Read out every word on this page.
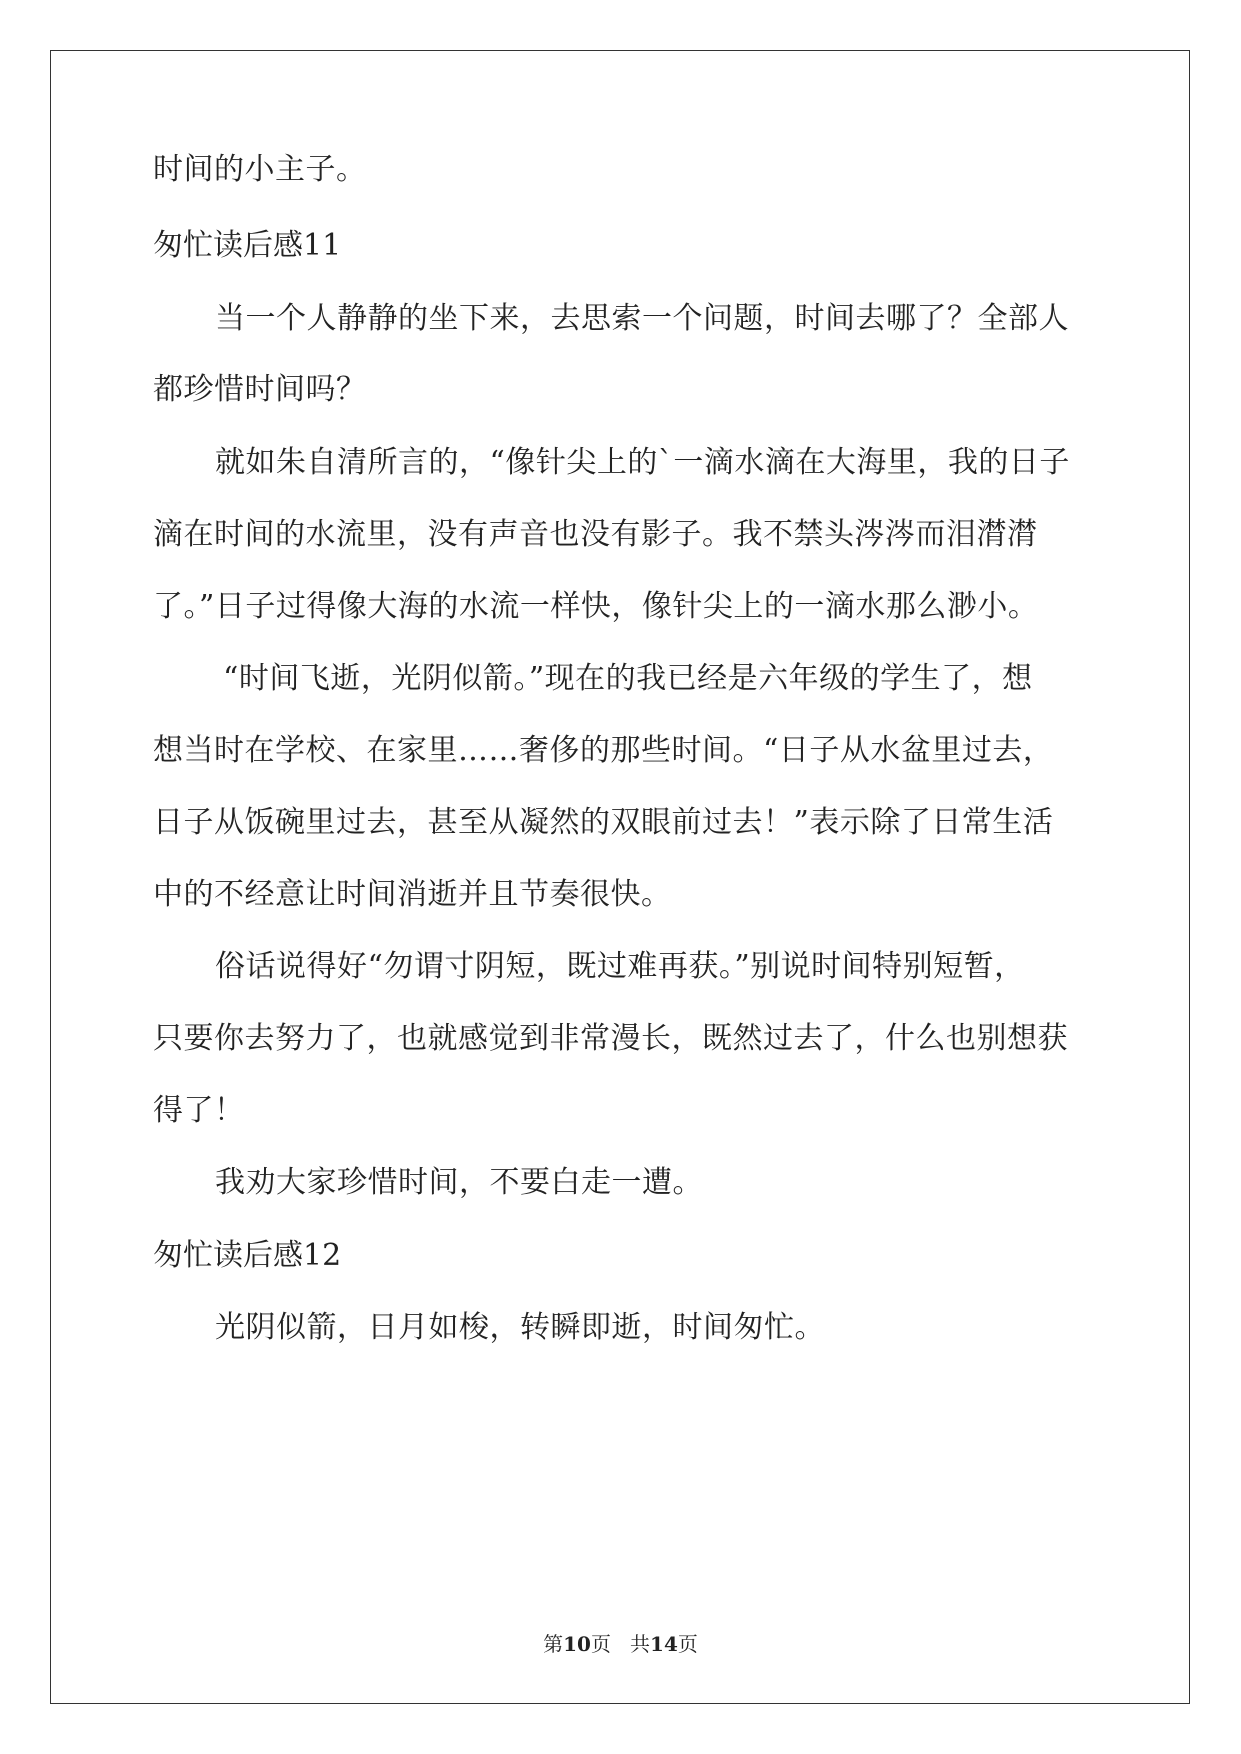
时间的小主子。
匆忙读后感11
当一个人静静的坐下来，去思索一个问题，时间去哪了？全部人
都珍惜时间吗？
就如朱自清所言的，“像针尖上的`一滴水滴在大海里，我的日子
滴在时间的水流里，没有声音也没有影子。我不禁头涔涔而泪潸潸
了。”日子过得像大海的水流一样快，像针尖上的一滴水那么渺小。
“时间飞逝，光阴似箭。”现在的我已经是六年级的学生了，想
想当时在学校、在家里……奢侈的那些时间。“日子从水盆里过去，
日子从饭碗里过去，甚至从凝然的双眼前过去！”表示除了日常生活
中的不经意让时间消逝并且节奏很快。
俗话说得好“勿谓寸阴短，既过难再获。”别说时间特别短暂，
只要你去努力了，也就感觉到非常漫长，既然过去了，什么也别想获
得了！
我劝大家珍惜时间，不要白走一遭。
匆忙读后感12
光阴似箭，日月如梭，转瞬即逝，时间匆忙。
第10页 共14页
